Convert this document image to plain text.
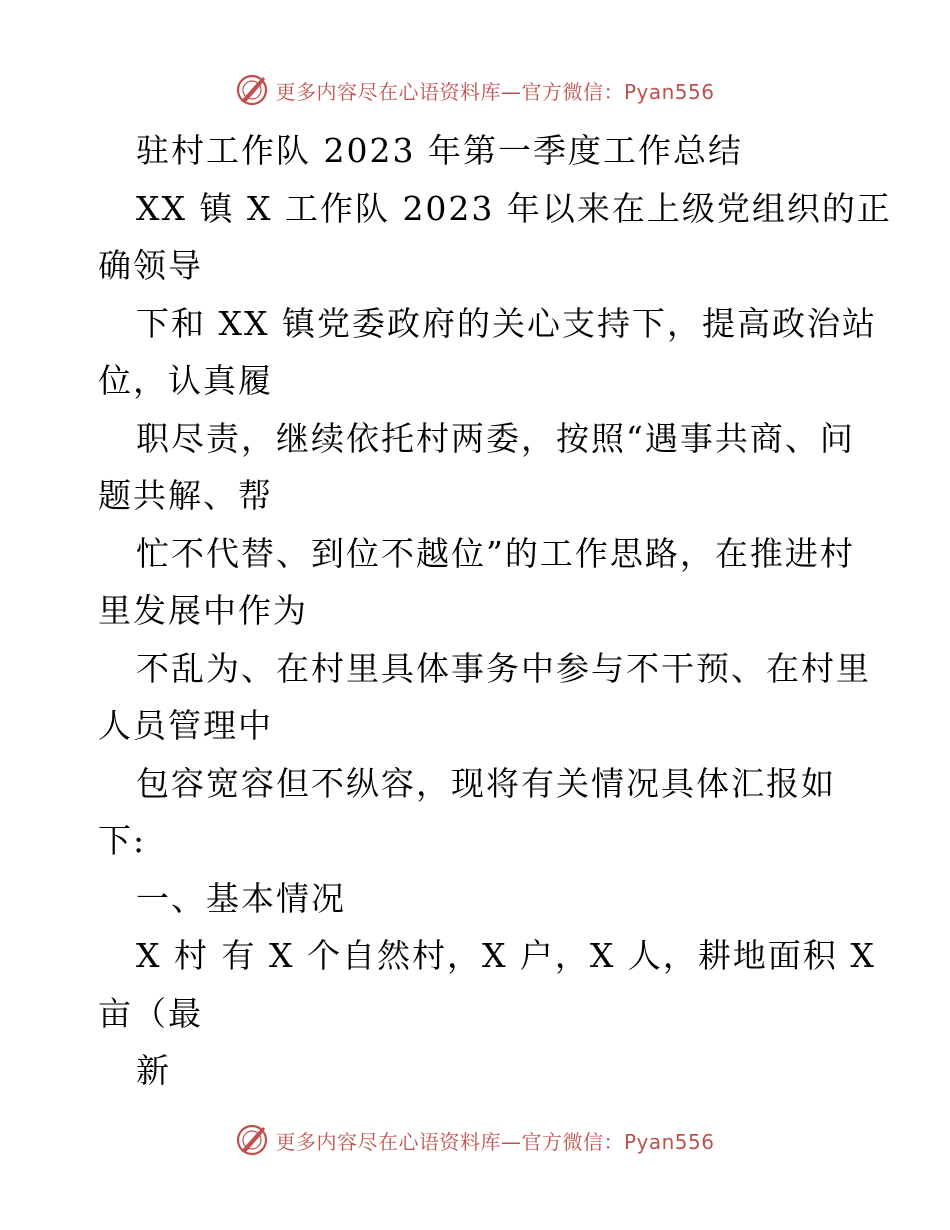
更多内容尽在心语资料库—官方微信：Pyan556
驻村工作队 2023 年第一季度工作总结
XX 镇 X 工作队 2023 年以来在上级党组织的正
确领导
下和 XX 镇党委政府的关心支持下，提高政治站
位，认真履
职尽责，继续依托村两委，按照“遇事共商、问
题共解、帮
忙不代替、到位不越位”的工作思路，在推进村
里发展中作为
不乱为、在村里具体事务中参与不干预、在村里
人员管理中
包容宽容但不纵容，现将有关情况具体汇报如
下:
一、基本情况
X 村 有 X 个自然村，X 户，X 人，耕地面积 X
亩（最
新
更多内容尽在心语资料库—官方微信：Pyan556
